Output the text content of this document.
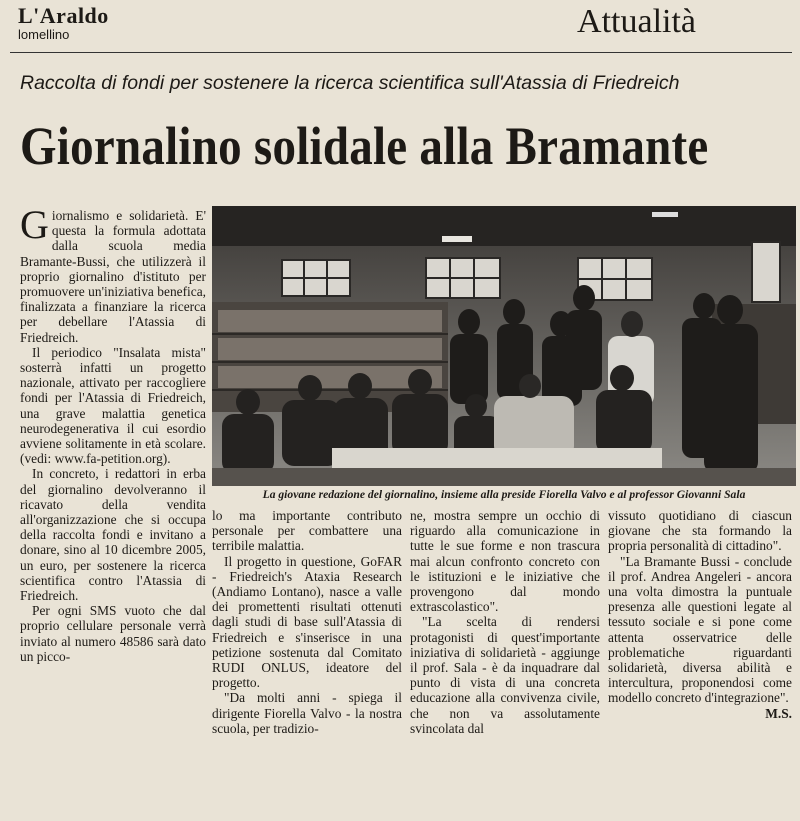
L'Araldo
lomellino	Attualità
Raccolta di fondi per sostenere la ricerca scientifica sull'Atassia di Friedreich
Giornalino solidale alla Bramante

Giornalismo e solidarietà. E' questa la formula adottata dalla scuola media Bramante-Bussi, che utilizzerà il proprio giornalino d'istituto per promuovere un'iniziativa benefica, finalizzata a finanziare la ricerca per debellare l'Atassia di Friedreich.

Il periodico "Insalata mista" sosterrà infatti un progetto nazionale, attivato per raccogliere fondi per l'Atassia di Friedreich, una grave malattia genetica neurodegenerativa il cui esordio avviene solitamente in età scolare. (vedi: www.fa-petition.org).

In concreto, i redattori in erba del giornalino devolveranno il ricavato della vendita all'organizzazione che si occupa della raccolta fondi e invitano a donare, sino al 10 dicembre 2005, un euro, per sostenere la ricerca scientifica contro l'Atassia di Friedreich.

Per ogni SMS vuoto che dal proprio cellulare personale verrà inviato al numero 48586 sarà dato un picco-

La giovane redazione del giornalino, insieme alla preside Fiorella Valvo e al professor Giovanni Sala

lo ma importante contributo personale per combattere una terribile malattia.

Il progetto in questione, GoFAR - Friedreich's Ataxia Research (Andiamo Lontano), nasce a valle dei promettenti risultati ottenuti dagli studi di base sull'Atassia di Friedreich e s'inserisce in una petizione sostenuta dal Comitato RUDI ONLUS, ideatore del progetto.

"Da molti anni - spiega il dirigente Fiorella Valvo - la nostra scuola, per tradizio-

ne, mostra sempre un occhio di riguardo alla comunicazione in tutte le sue forme e non trascura mai alcun confronto concreto con le istituzioni e le iniziative che provengono dal mondo extrascolastico".

"La scelta di rendersi protagonisti di quest'importante iniziativa di solidarietà - aggiunge il prof. Sala - è da inquadrare dal punto di vista di una concreta educazione alla convivenza civile, che non va assolutamente svincolata dal

vissuto quotidiano di ciascun giovane che sta formando la propria personalità di cittadino".

"La Bramante Bussi - conclude il prof. Andrea Angeleri - ancora una volta dimostra la puntuale presenza alle questioni legate al tessuto sociale e si pone come attenta osservatrice delle problematiche riguardanti solidarietà, diversa abilità e intercultura, proponendosi come modello concreto d'integrazione".

M.S.
